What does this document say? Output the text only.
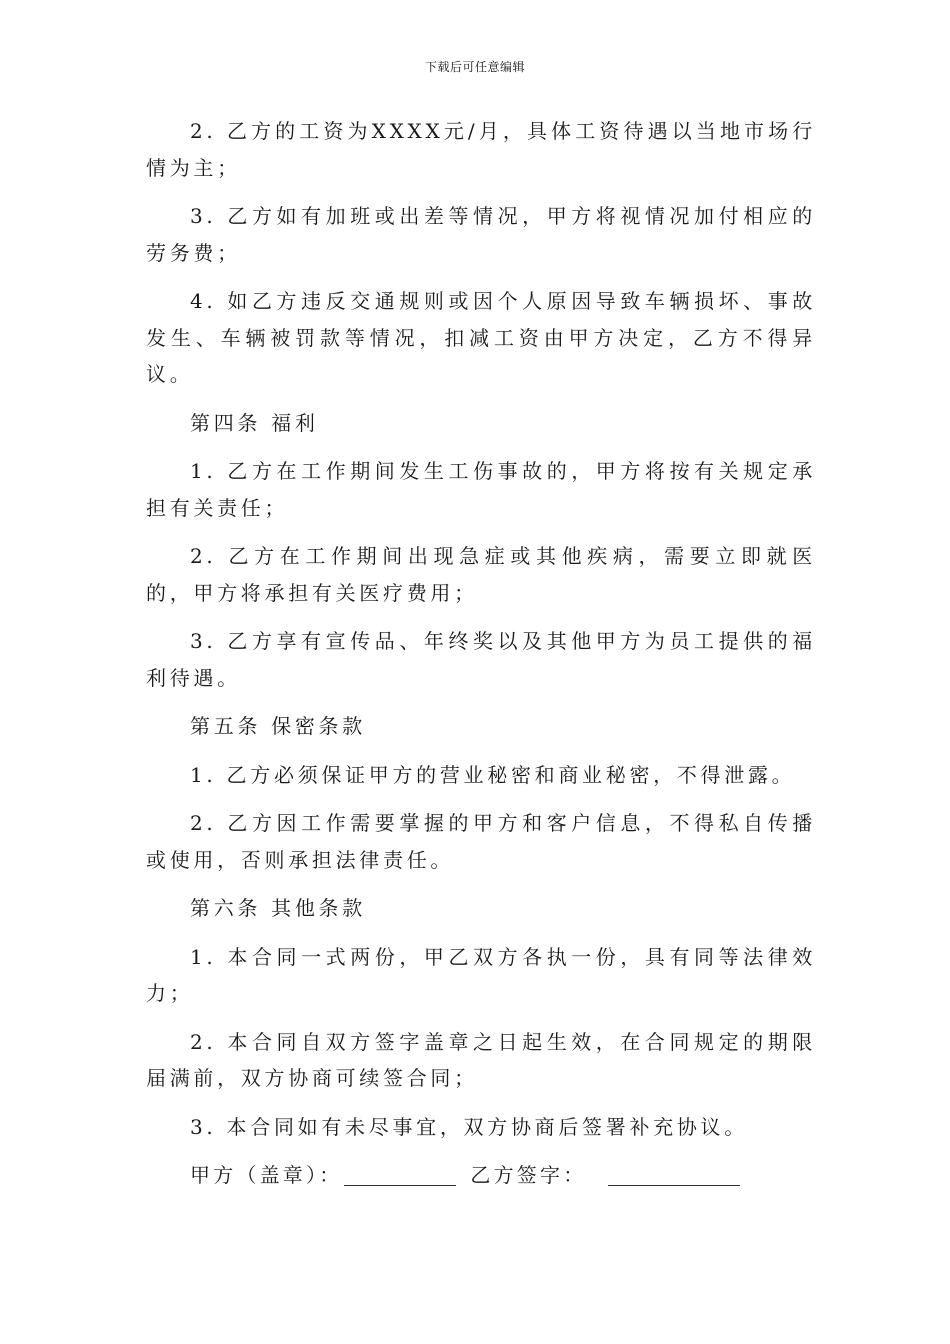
下载后可任意编辑

2. 乙方的工资为XXXX元/月，具体工资待遇以当地市场行情为主；

3. 乙方如有加班或出差等情况，甲方将视情况加付相应的劳务费；

4. 如乙方违反交通规则或因个人原因导致车辆损坏、事故发生、车辆被罚款等情况，扣减工资由甲方决定，乙方不得异议。

第四条 福利

1. 乙方在工作期间发生工伤事故的，甲方将按有关规定承担有关责任；

2. 乙方在工作期间出现急症或其他疾病，需要立即就医的，甲方将承担有关医疗费用；

3. 乙方享有宣传品、年终奖以及其他甲方为员工提供的福利待遇。

第五条 保密条款

1. 乙方必须保证甲方的营业秘密和商业秘密，不得泄露。

2. 乙方因工作需要掌握的甲方和客户信息，不得私自传播或使用，否则承担法律责任。

第六条 其他条款

1. 本合同一式两份，甲乙双方各执一份，具有同等法律效力；

2. 本合同自双方签字盖章之日起生效，在合同规定的期限届满前，双方协商可续签合同；

3. 本合同如有未尽事宜，双方协商后签署补充协议。

甲方（盖章）：	乙方签字：
